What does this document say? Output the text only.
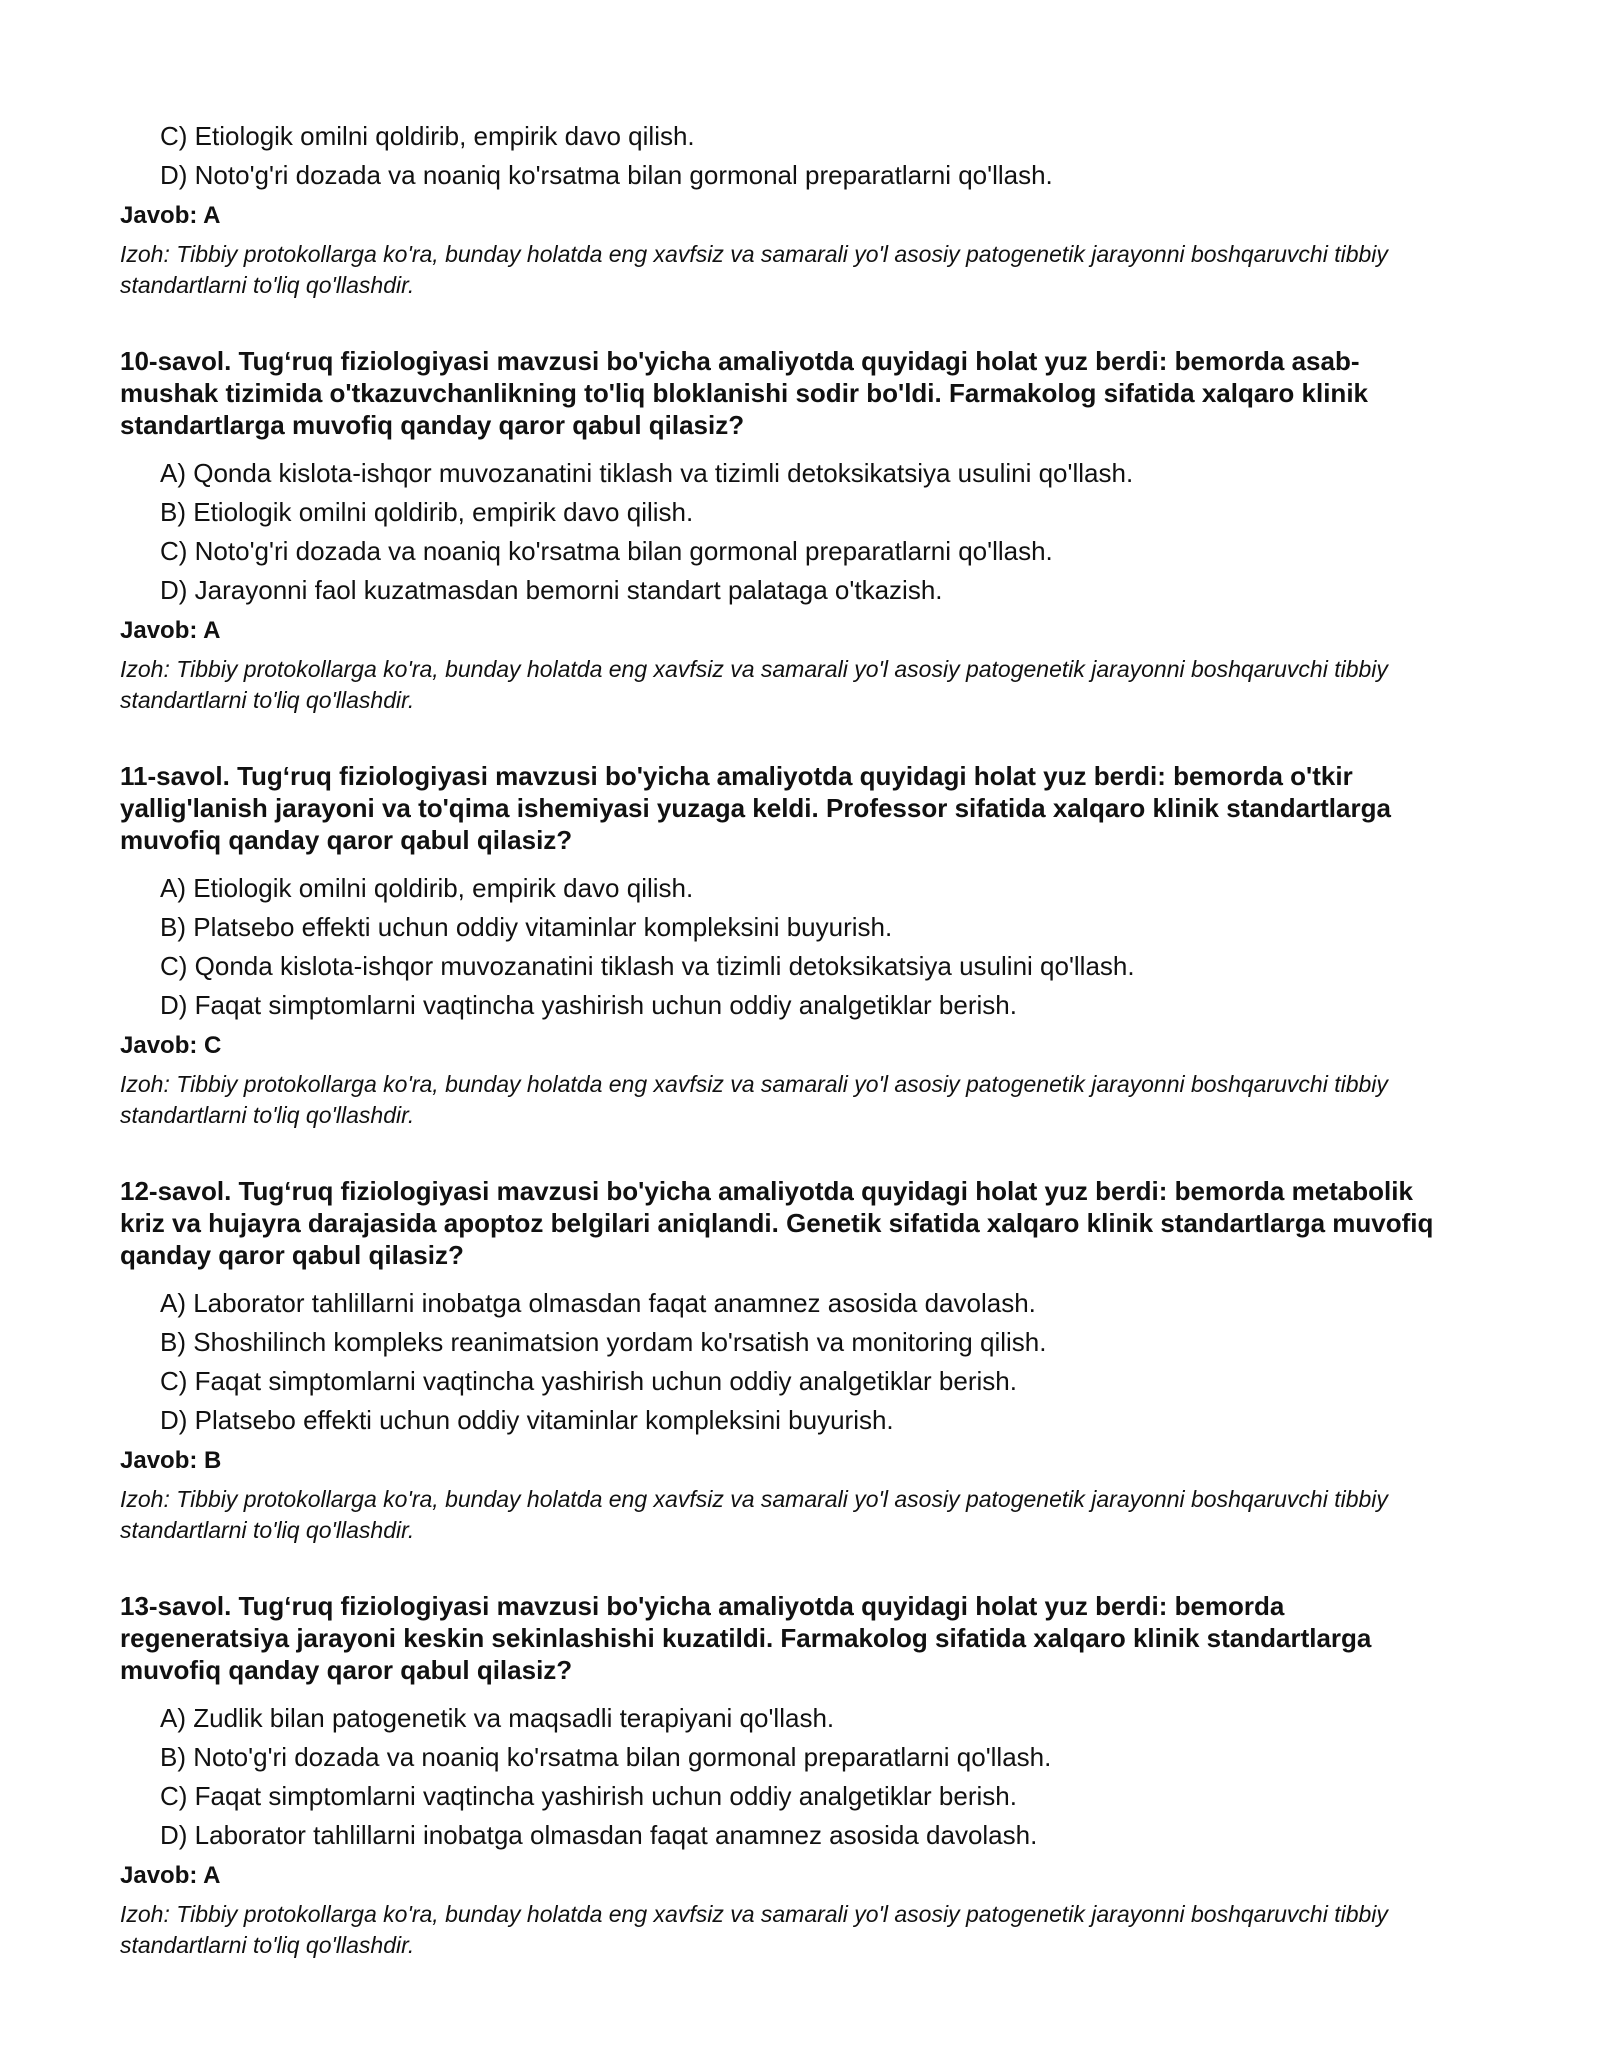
C) Etiologik omilni qoldirib, empirik davo qilish.
D) Noto'g'ri dozada va noaniq ko'rsatma bilan gormonal preparatlarni qo'llash.
Javob: A
Izoh: Tibbiy protokollarga ko'ra, bunday holatda eng xavfsiz va samarali yo'l asosiy patogenetik jarayonni boshqaruvchi tibbiy standartlarni to'liq qo'llashdir.
10-savol. Tug‘ruq fiziologiyasi mavzusi bo'yicha amaliyotda quyidagi holat yuz berdi: bemorda asab-mushak tizimida o'tkazuvchanlikning to'liq bloklanishi sodir bo'ldi. Farmakolog sifatida xalqaro klinik standartlarga muvofiq qanday qaror qabul qilasiz?
A) Qonda kislota-ishqor muvozanatini tiklash va tizimli detoksikatsiya usulini qo'llash.
B) Etiologik omilni qoldirib, empirik davo qilish.
C) Noto'g'ri dozada va noaniq ko'rsatma bilan gormonal preparatlarni qo'llash.
D) Jarayonni faol kuzatmasdan bemorni standart palataga o'tkazish.
Javob: A
Izoh: Tibbiy protokollarga ko'ra, bunday holatda eng xavfsiz va samarali yo'l asosiy patogenetik jarayonni boshqaruvchi tibbiy standartlarni to'liq qo'llashdir.
11-savol. Tug‘ruq fiziologiyasi mavzusi bo'yicha amaliyotda quyidagi holat yuz berdi: bemorda o'tkir yallig'lanish jarayoni va to'qima ishemiyasi yuzaga keldi. Professor sifatida xalqaro klinik standartlarga muvofiq qanday qaror qabul qilasiz?
A) Etiologik omilni qoldirib, empirik davo qilish.
B) Platsebo effekti uchun oddiy vitaminlar kompleksini buyurish.
C) Qonda kislota-ishqor muvozanatini tiklash va tizimli detoksikatsiya usulini qo'llash.
D) Faqat simptomlarni vaqtincha yashirish uchun oddiy analgetiklar berish.
Javob: C
Izoh: Tibbiy protokollarga ko'ra, bunday holatda eng xavfsiz va samarali yo'l asosiy patogenetik jarayonni boshqaruvchi tibbiy standartlarni to'liq qo'llashdir.
12-savol. Tug‘ruq fiziologiyasi mavzusi bo'yicha amaliyotda quyidagi holat yuz berdi: bemorda metabolik kriz va hujayra darajasida apoptoz belgilari aniqlandi. Genetik sifatida xalqaro klinik standartlarga muvofiq qanday qaror qabul qilasiz?
A) Laborator tahlillarni inobatga olmasdan faqat anamnez asosida davolash.
B) Shoshilinch kompleks reanimatsion yordam ko'rsatish va monitoring qilish.
C) Faqat simptomlarni vaqtincha yashirish uchun oddiy analgetiklar berish.
D) Platsebo effekti uchun oddiy vitaminlar kompleksini buyurish.
Javob: B
Izoh: Tibbiy protokollarga ko'ra, bunday holatda eng xavfsiz va samarali yo'l asosiy patogenetik jarayonni boshqaruvchi tibbiy standartlarni to'liq qo'llashdir.
13-savol. Tug‘ruq fiziologiyasi mavzusi bo'yicha amaliyotda quyidagi holat yuz berdi: bemorda regeneratsiya jarayoni keskin sekinlashishi kuzatildi. Farmakolog sifatida xalqaro klinik standartlarga muvofiq qanday qaror qabul qilasiz?
A) Zudlik bilan patogenetik va maqsadli terapiyani qo'llash.
B) Noto'g'ri dozada va noaniq ko'rsatma bilan gormonal preparatlarni qo'llash.
C) Faqat simptomlarni vaqtincha yashirish uchun oddiy analgetiklar berish.
D) Laborator tahlillarni inobatga olmasdan faqat anamnez asosida davolash.
Javob: A
Izoh: Tibbiy protokollarga ko'ra, bunday holatda eng xavfsiz va samarali yo'l asosiy patogenetik jarayonni boshqaruvchi tibbiy standartlarni to'liq qo'llashdir.
